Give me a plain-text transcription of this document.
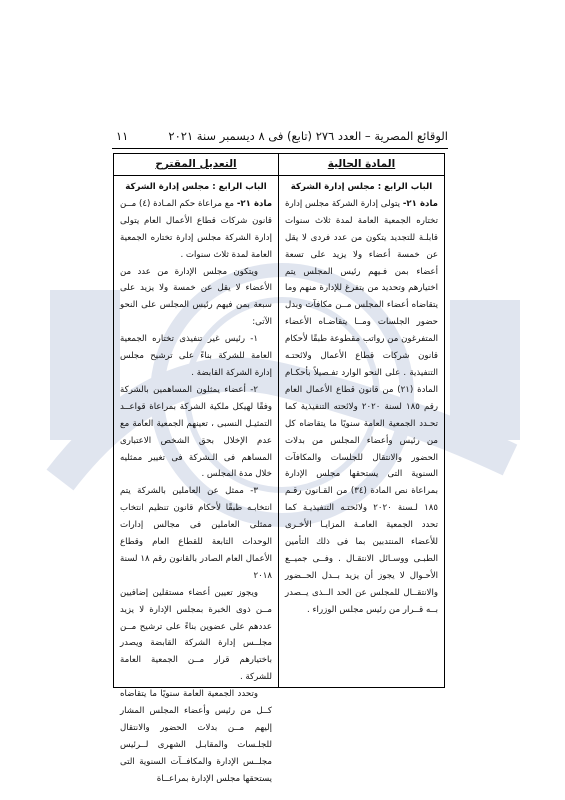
الوقائع المصرية – العدد ٢٧٦ (تابع) فى ٨ ديسمبر سنة ٢٠٢١
١١
المادة الحالية

الباب الرابع : مجلس إدارة الشركة

مادة ٢١- يتولى إدارة الشركة مجلس إدارة تختاره الجمعية العامة لمدة ثلاث سنوات قابلـة للتجديد يتكون من عدد فردى لا يقل عن خمسة أعضاء ولا يزيد على تسعة أعضاء بمن فـيهم رئيس المجلس يتم اختيارهم وتحديد من يتفرغ للإدارة منهم وما يتقاضاه أعضاء المجلس مــن مكافآت وبدل حضور الجلسات ومــا يتقاضـاه الأعضاء المتفرغون من رواتب مقطوعة طبقًا لأحكام قانون شركات قطاع الأعمال ولائحتـه التنفيذية . على النحو الوارد تفـصيلاً بأحكـام المادة (٢١) من قانون قطاع الأعمال العام رقم ١٨٥ لسنة ٢٠٢٠ ولائحته التنفيذية كما تحـدد الجمعية العامة سنويًا ما يتقاضاه كل من رئيس وأعضاء المجلس من بدلات الحضور والانتقال للجلسات والمكافآت السنوية التى يستحقها مجلس الإدارة بمراعاة نص المادة (٣٤) من القـانون رقـم ١٨٥ لـسنة ٢٠٢٠ ولائحتـه التنفيذيـة كما تحدد الجمعية العامـة المزايـا الأخـرى للأعضاء المنتدبين بما فى ذلك التأمين الطبـى ووسـائل الانتقـال . وفــى جميــع الأحـوال لا يجوز أن يزيد بــدل الحــضور والانتقــال للمجلس عن الحد الــذى يــصدر بــه قــرار من رئيس مجلس الوزراء .

التعديل المقترح

الباب الرابع : مجلس إدارة الشركة

مادة ٢١- مع مراعاة حكم المـادة (٤) مــن قانون شركات قطاع الأعمال العام يتولى إدارة الشركة مجلس إدارة تختاره الجمعية العامة لمدة ثلاث سنوات .

ويتكون مجلس الإدارة من عدد من الأعضاء لا يقل عن خمسة ولا يزيد على سبعة بمن فيهم رئيس المجلس على النحو الآتى:

١- رئيس غير تنفيذى تختاره الجمعية العامة للشركة بناءً على ترشيح مجلس إدارة الشركة القابضة .

٢- أعضاء يمثلون المساهمين بالشركة وفقًا لهيكل ملكية الشركة بمراعاة قواعــد التمثيـل النسبى ، تعينهم الجمعية العامة مع عدم الإخلال بحق الشخص الاعتبارى المساهم فى الـشركة فى تغيير ممثليه خلال مدة المجلس .

٣- ممثل عن العاملين بالشركة يتم انتخابـه طبقًا لأحكام قانون تنظيم انتخاب ممثلى العاملين فى مجالس إدارات الوحدات التابعة للقطاع العام وقطاع الأعمال العام الصادر بالقانون رقم ١٨ لسنة ٢٠١٨

ويجوز تعيين أعضاء مستقلين إضافيين مــن ذوى الخبرة بمجلس الإدارة لا يزيد عددهم على عضوين بناءً على ترشيح مــن مجلــس إدارة الشركة القابضة ويصدر باختيارهم قرار مــن الجمعية العامة للشركة .

وتحدد الجمعية العامة سنويًا ما يتقاضاه كــل من رئيس وأعضاء المجلس المشار إليهم مــن بدلات الحضور والانتقال للجلـسات والمقابـل الشهرى لــرئيس مجلــس الإدارة والمكافــآت السنوية التى يستحقها مجلس الإدارة بمراعــاة
